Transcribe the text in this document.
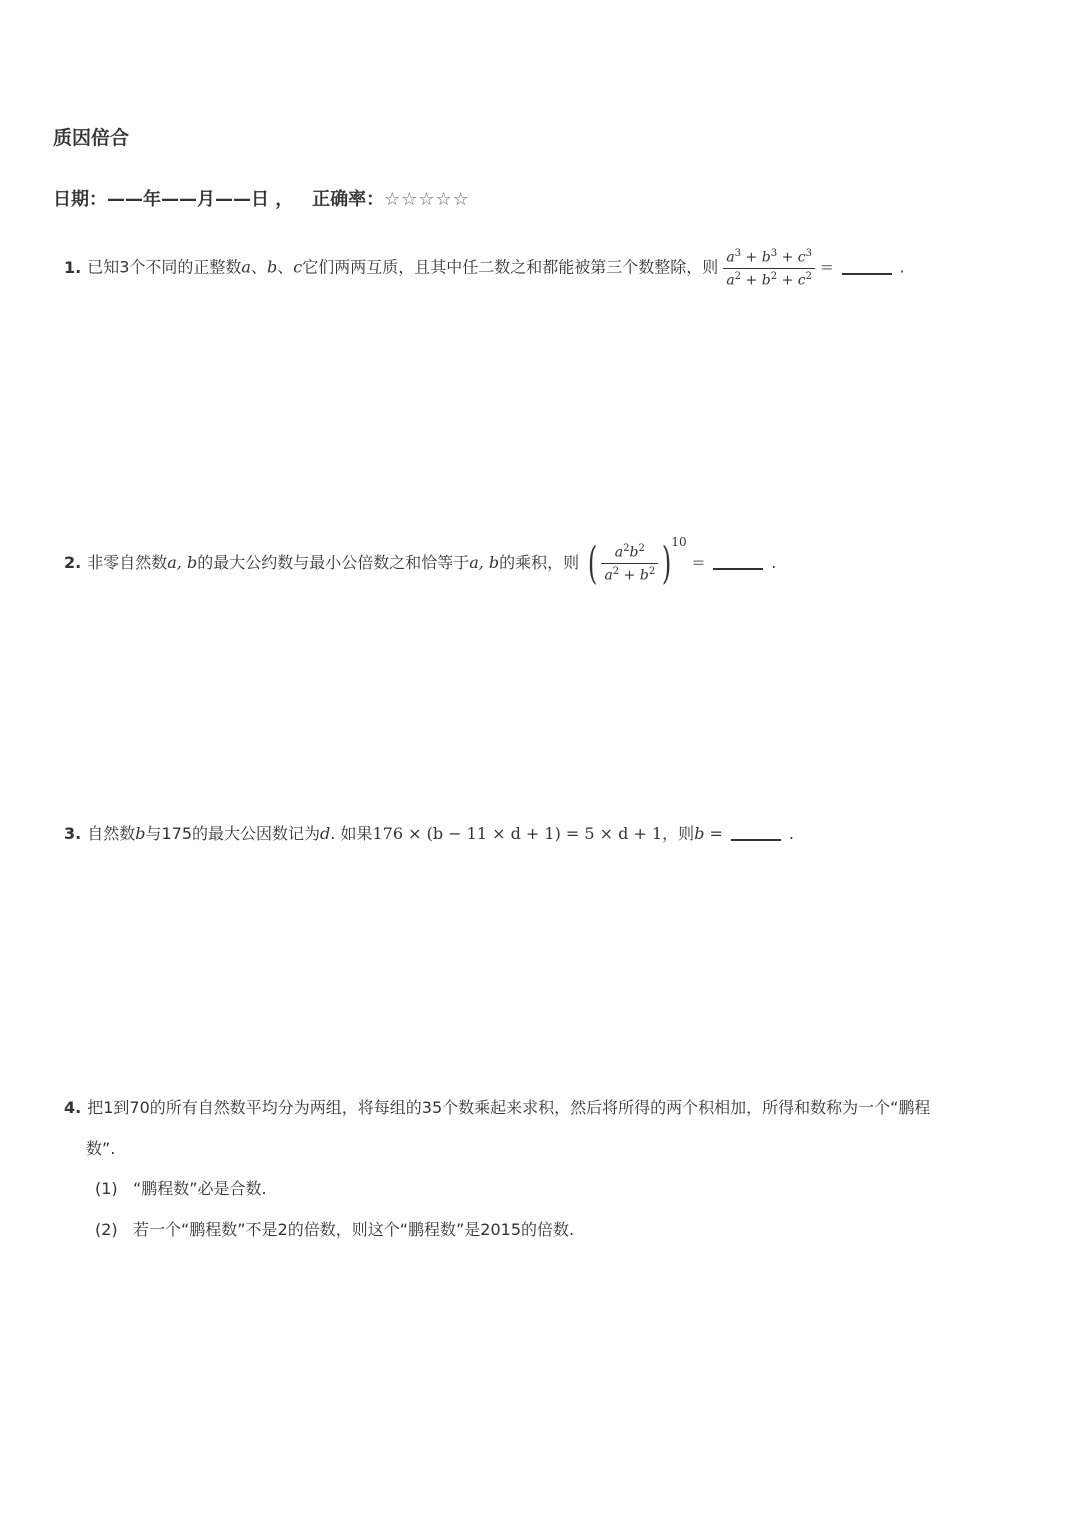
质因倍合
日期：——年——月——日 ， 正确率：☆☆☆☆☆
1. 已知3个不同的正整数a、b、c它们两两互质，且其中任二数之和都能被第三个数整除，则 $\frac{a^3 + b^3 + c^3}{a^2 + b^2 + c^2}$ =	.
2. 非零自然数a, b的最大公约数与最小公倍数之和恰等于a, b的乘积，则 ( $\frac{a^2b^2}{a^2 + b^2} )^{10}$ =	.
3. 自然数b与175的最大公因数记为d. 如果176 × (b − 11 × d + 1) = 5 × d + 1，则b =	.
4. 把1到70的所有自然数平均分为两组，将每组的35个数乘起来求积，然后将所得的两个积相加，所得和数称为一个“鹏程
数”.
(1) “鹏程数”必是合数.
(2) 若一个“鹏程数”不是2的倍数，则这个“鹏程数”是2015的倍数.
